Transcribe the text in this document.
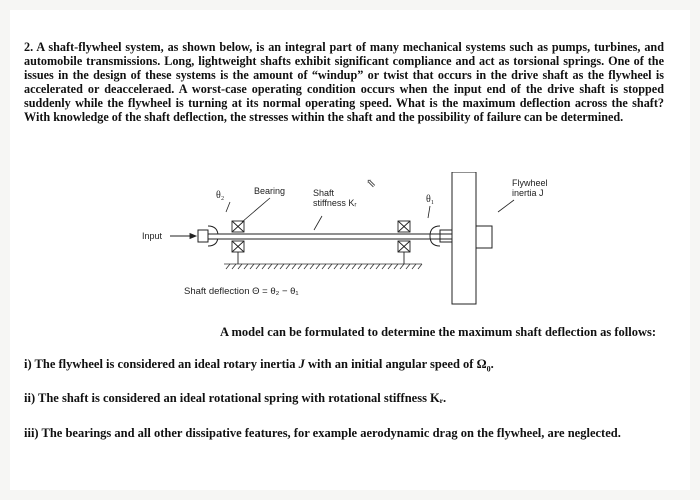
2. A shaft-flywheel system, as shown below, is an integral part of many mechanical systems such as pumps, turbines, and automobile transmissions. Long, lightweight shafts exhibit significant compliance and act as torsional springs. One of the issues in the design of these systems is the amount of “windup” or twist that occurs in the drive shaft as the flywheel is accelerated or deacceleraed. A worst-case operating condition occurs when the input end of the drive shaft is stopped suddenly while the flywheel is turning at its normal operating speed. What is the maximum deflection across the shaft? With knowledge of the shaft deflection, the stresses within the shaft and the possibility of failure can be determined.

θ₂	Bearing	Shaft
stiffness Kᵣ	θ₁
Flywheel
inertia J
Input
Shaft deflection Θ = θ₂ − θ₁
⇖

A model can be formulated to determine the maximum shaft deflection as follows:

i) The flywheel is considered an ideal rotary inertia J with an initial angular speed of $\Omega_0$.

ii) The shaft is considered an ideal rotational spring with rotational stiffness Kᵣ.

iii) The bearings and all other dissipative features, for example aerodynamic drag on the flywheel, are neglected.
